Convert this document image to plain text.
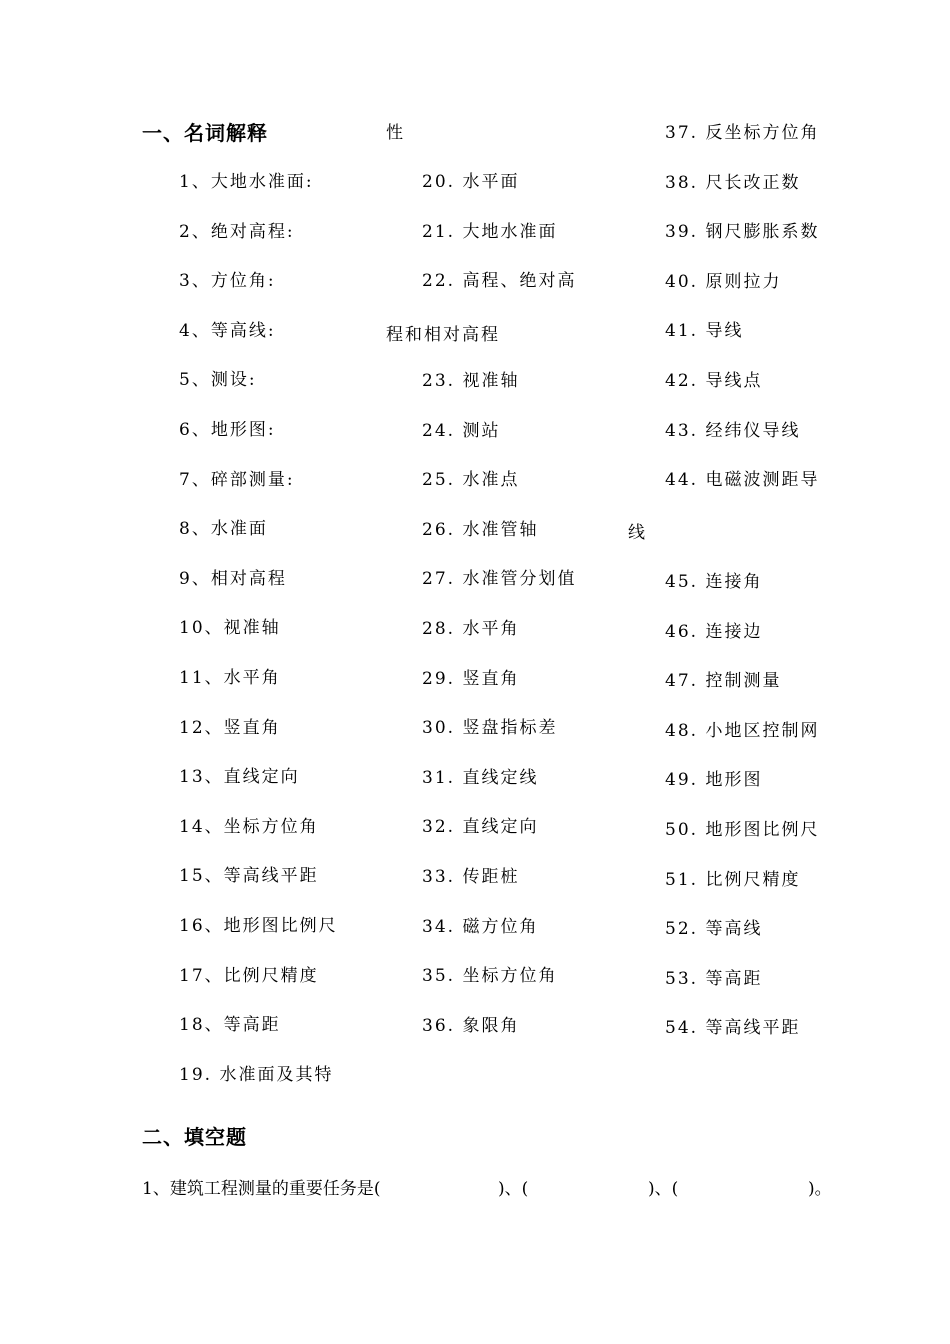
一、名词解释
1、大地水准面:
2、绝对高程:
3、方位角:
4、等高线:
5、测设:
6、地形图:
7、碎部测量:
8、水准面
9、相对高程
10、视准轴
11、水平角
12、竖直角
13、直线定向
14、坐标方位角
15、等高线平距
16、地形图比例尺
17、比例尺精度
18、等高距
19. 水准面及其特
性
20. 水平面
21. 大地水准面
22. 高程、绝对高
程和相对高程
23. 视准轴
24. 测站
25. 水准点
26. 水准管轴
27. 水准管分划值
28. 水平角
29. 竖直角
30. 竖盘指标差
31. 直线定线
32. 直线定向
33. 传距桩
34. 磁方位角
35. 坐标方位角
36. 象限角
37. 反坐标方位角
38. 尺长改正数
39. 钢尺膨胀系数
40. 原则拉力
41. 导线
42. 导线点
43. 经纬仪导线
44. 电磁波测距导
线
45. 连接角
46. 连接边
47. 控制测量
48. 小地区控制网
49. 地形图
50. 地形图比例尺
51. 比例尺精度
52. 等高线
53. 等高距
54. 等高线平距
二、填空题
1、建筑工程测量的重要任务是(	)、(	)、(	)。
